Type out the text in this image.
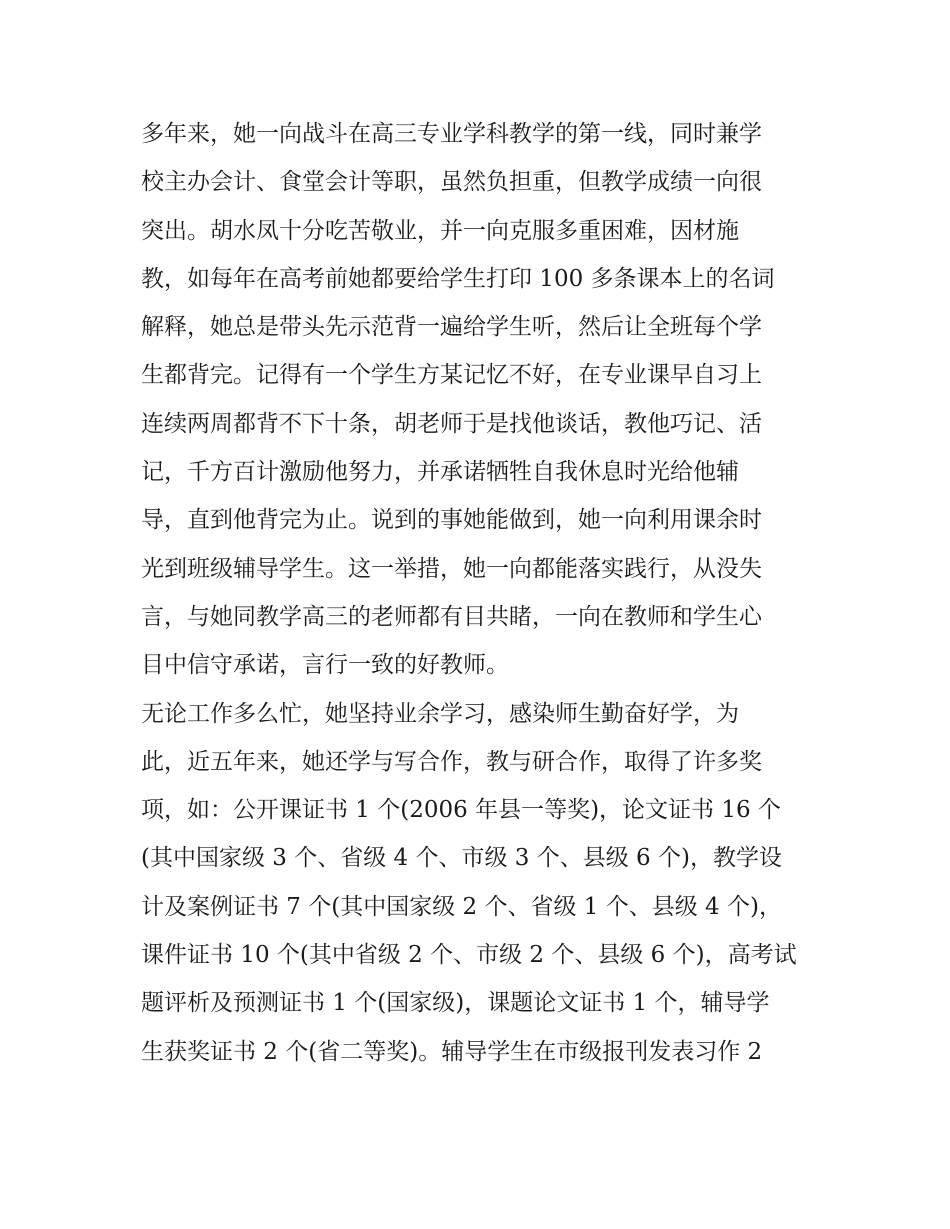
多年来，她一向战斗在高三专业学科教学的第一线，同时兼学
校主办会计、食堂会计等职，虽然负担重，但教学成绩一向很
突出。胡水凤十分吃苦敬业，并一向克服多重困难，因材施
教，如每年在高考前她都要给学生打印 100 多条课本上的名词
解释，她总是带头先示范背一遍给学生听，然后让全班每个学
生都背完。记得有一个学生方某记忆不好，在专业课早自习上
连续两周都背不下十条，胡老师于是找他谈话，教他巧记、活
记，千方百计激励他努力，并承诺牺牲自我休息时光给他辅
导，直到他背完为止。说到的事她能做到，她一向利用课余时
光到班级辅导学生。这一举措，她一向都能落实践行，从没失
言，与她同教学高三的老师都有目共睹，一向在教师和学生心
目中信守承诺，言行一致的好教师。
无论工作多么忙，她坚持业余学习，感染师生勤奋好学，为
此，近五年来，她还学与写合作，教与研合作，取得了许多奖
项，如：公开课证书 1 个(2006 年县一等奖)，论文证书 16 个
(其中国家级 3 个、省级 4 个、市级 3 个、县级 6 个)，教学设
计及案例证书 7 个(其中国家级 2 个、省级 1 个、县级 4 个)，
课件证书 10 个(其中省级 2 个、市级 2 个、县级 6 个)，高考试
题评析及预测证书 1 个(国家级)，课题论文证书 1 个，辅导学
生获奖证书 2 个(省二等奖)。辅导学生在市级报刊发表习作 2
